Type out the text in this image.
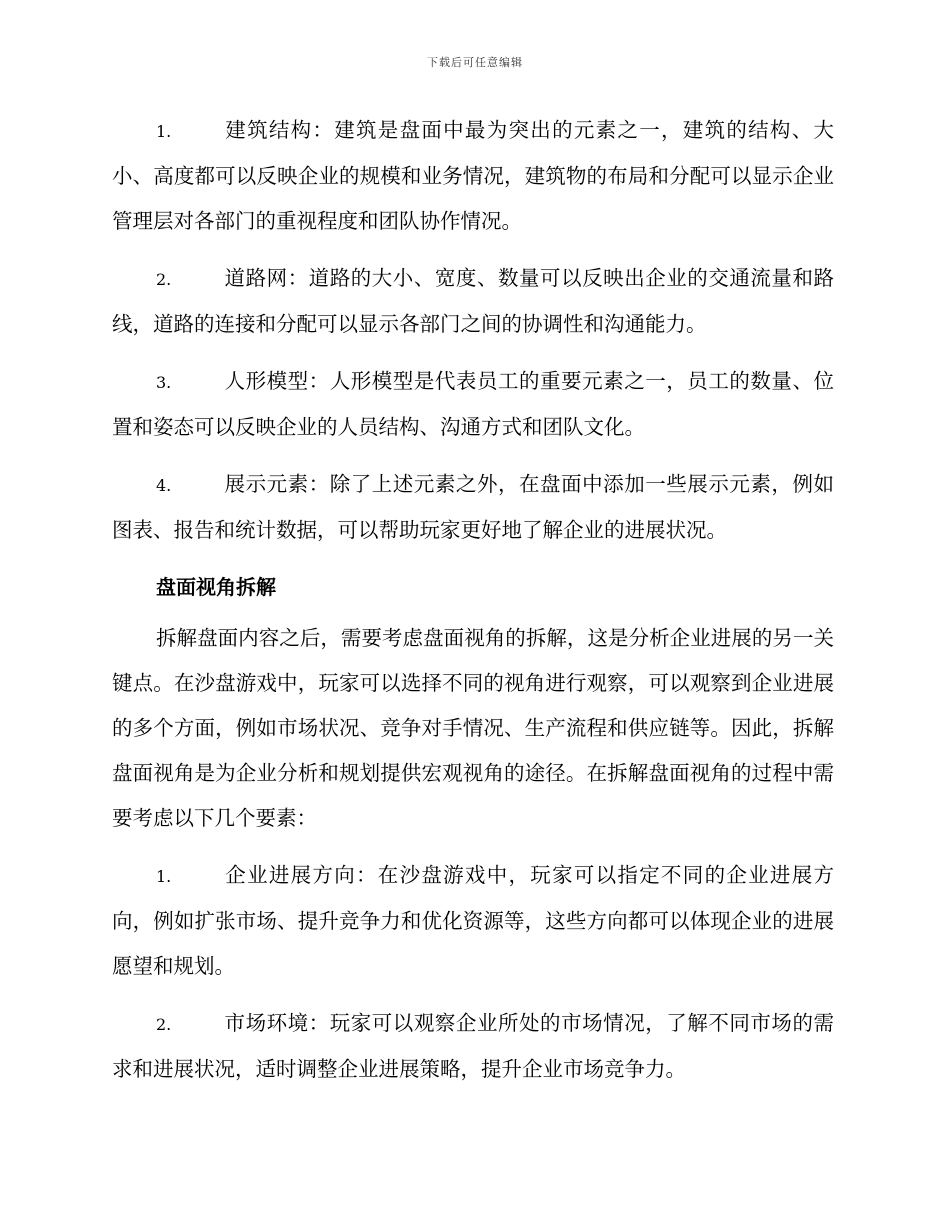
下载后可任意编辑

1.	建筑结构：建筑是盘面中最为突出的元素之一，建筑的结构、大小、高度都可以反映企业的规模和业务情况，建筑物的布局和分配可以显示企业管理层对各部门的重视程度和团队协作情况。

2.	道路网：道路的大小、宽度、数量可以反映出企业的交通流量和路线，道路的连接和分配可以显示各部门之间的协调性和沟通能力。

3.	人形模型：人形模型是代表员工的重要元素之一，员工的数量、位置和姿态可以反映企业的人员结构、沟通方式和团队文化。

4.	展示元素：除了上述元素之外，在盘面中添加一些展示元素，例如图表、报告和统计数据，可以帮助玩家更好地了解企业的进展状况。

盘面视角拆解

拆解盘面内容之后，需要考虑盘面视角的拆解，这是分析企业进展的另一关键点。在沙盘游戏中，玩家可以选择不同的视角进行观察，可以观察到企业进展的多个方面，例如市场状况、竞争对手情况、生产流程和供应链等。因此，拆解盘面视角是为企业分析和规划提供宏观视角的途径。在拆解盘面视角的过程中需要考虑以下几个要素：

1.	企业进展方向：在沙盘游戏中，玩家可以指定不同的企业进展方向，例如扩张市场、提升竞争力和优化资源等，这些方向都可以体现企业的进展愿望和规划。

2.	市场环境：玩家可以观察企业所处的市场情况，了解不同市场的需求和进展状况，适时调整企业进展策略，提升企业市场竞争力。
